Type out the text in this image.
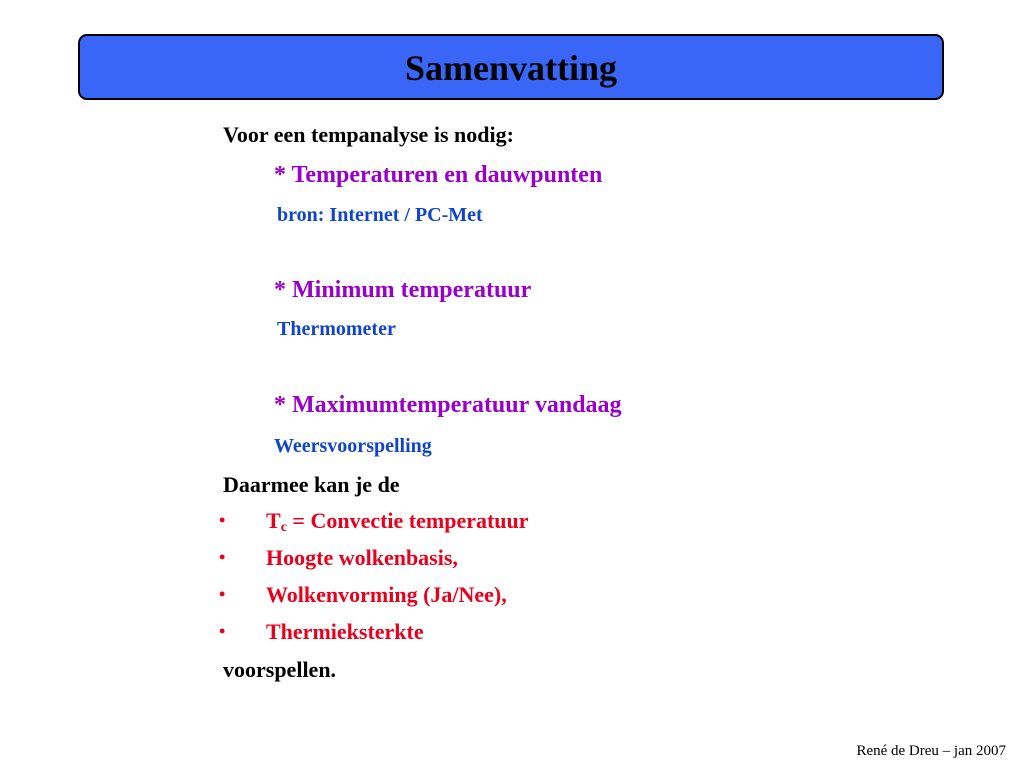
Samenvatting
Voor een tempanalyse is nodig:
* Temperaturen en dauwpunten
bron: Internet / PC-Met
* Minimum temperatuur
Thermometer
* Maximumtemperatuur vandaag
Weersvoorspelling
Daarmee kan je de
• $T_c$ = Convectie temperatuur
• Hoogte wolkenbasis,
• Wolkenvorming (Ja/Nee),
• Thermieksterkte
voorspellen.
René de Dreu – jan 2007
